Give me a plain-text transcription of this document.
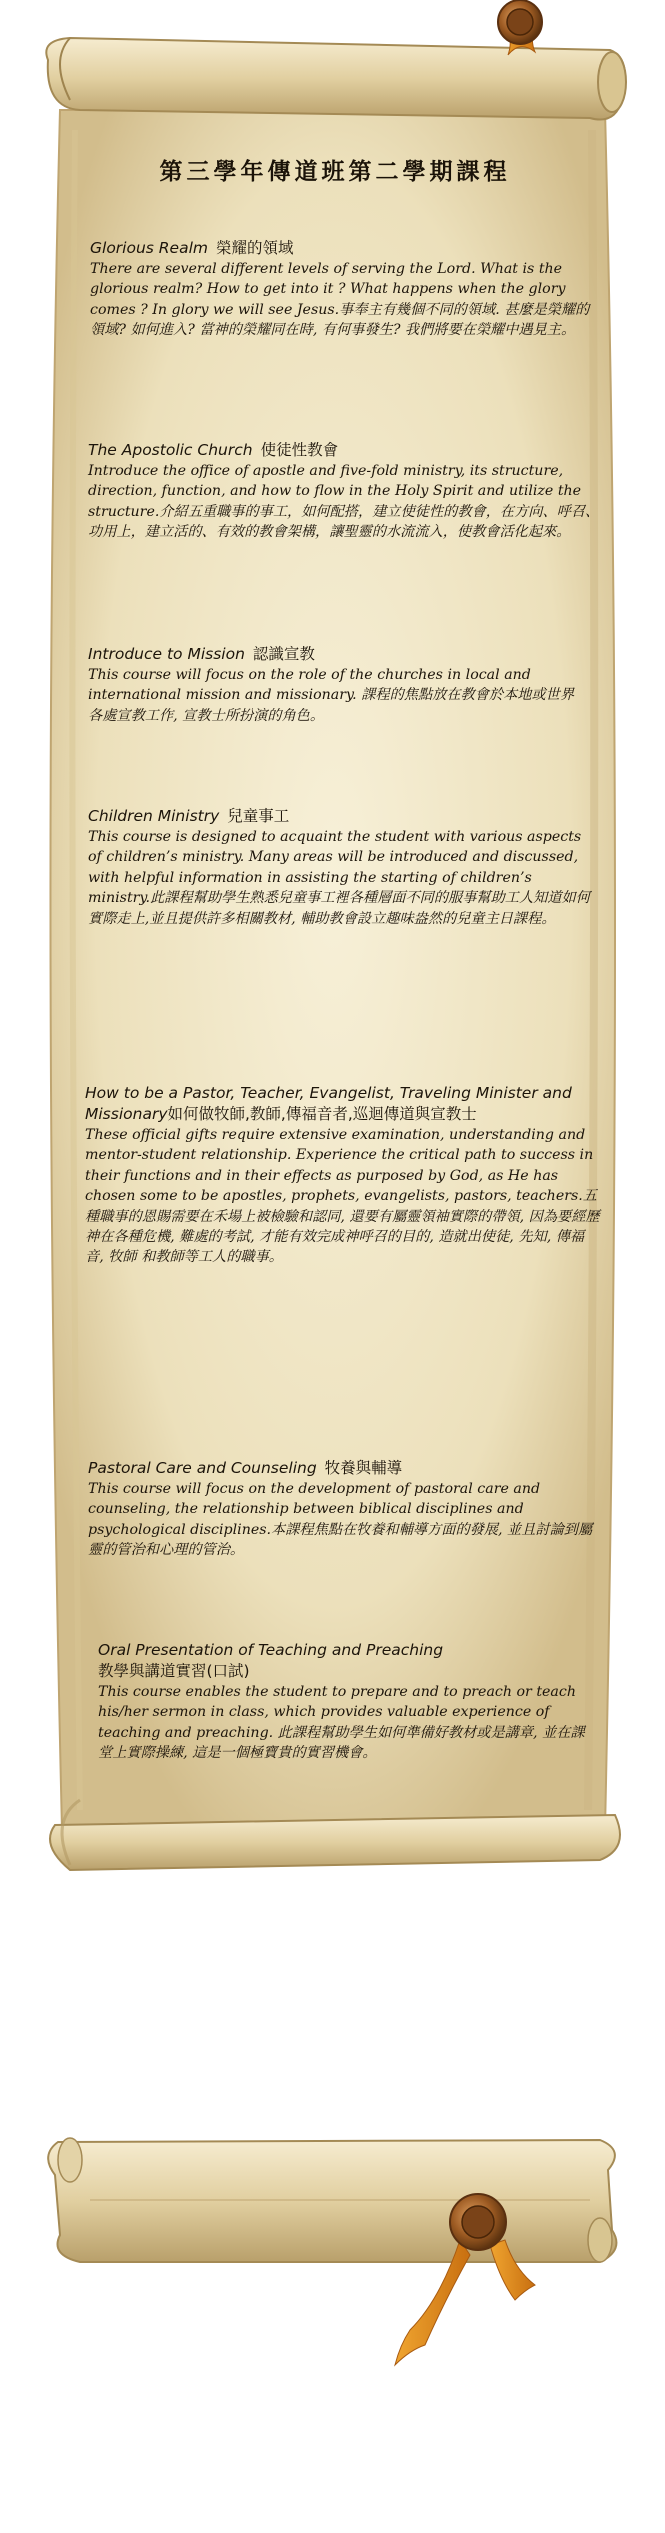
第三學年傳道班第二學期課程

Glorious Realm 榮耀的領域

There are several different levels of serving the Lord. What is the glorious realm? How to get into it ? What happens when the glory comes ? In glory we will see Jesus.事奉主有幾個不同的領域. 甚麼是榮耀的領域? 如何進入? 當神的榮耀同在時, 有何事發生? 我們將要在榮耀中遇見主。

The Apostolic Church 使徒性教會

Introduce the office of apostle and five-fold ministry, its structure, direction, function, and how to flow in the Holy Spirit and utilize the structure.介紹五重職事的事工，如何配搭，建立使徒性的教會，在方向、呼召、功用上，建立活的、有效的教會架構，讓聖靈的水流流入，使教會活化起來。

Introduce to Mission 認識宣教

This course will focus on the role of the churches in local and international mission and missionary. 課程的焦點放在教會於本地或世界各處宣教工作, 宣教士所扮演的角色。

Children Ministry 兒童事工

This course is designed to acquaint the student with various aspects of children’s ministry. Many areas will be introduced and discussed, with helpful information in assisting the starting of children’s ministry.此課程幫助學生熟悉兒童事工裡各種層面不同的服事幫助工人知道如何實際走上,並且提供許多相關教材, 輔助教會設立趣味盎然的兒童主日課程。

How to be a Pastor, Teacher, Evangelist, Traveling Minister and Missionary如何做牧師,教師,傳福音者,巡迴傳道與宣教士

These official gifts require extensive examination, understanding and mentor-student relationship. Experience the critical path to success in their functions and in their effects as purposed by God, as He has chosen some to be apostles, prophets, evangelists, pastors, teachers.五種職事的恩賜需要在禾場上被檢驗和認同, 還要有屬靈領袖實際的帶領, 因為要經歷神在各種危機, 難處的考試, 才能有效完成神呼召的目的, 造就出使徒, 先知, 傳福音, 牧師 和教師等工人的職事。

Pastoral Care and Counseling 牧養與輔導

This course will focus on the development of pastoral care and counseling, the relationship between biblical disciplines and psychological disciplines.本課程焦點在牧養和輔導方面的發展, 並且討論到屬靈的管治和心理的管治。

Oral Presentation of Teaching and Preaching
教學與講道實習(口試)

This course enables the student to prepare and to preach or teach his/her sermon in class, which provides valuable experience of teaching and preaching. 此課程幫助學生如何準備好教材或是講章, 並在課堂上實際操練, 這是一個極寶貴的實習機會。
